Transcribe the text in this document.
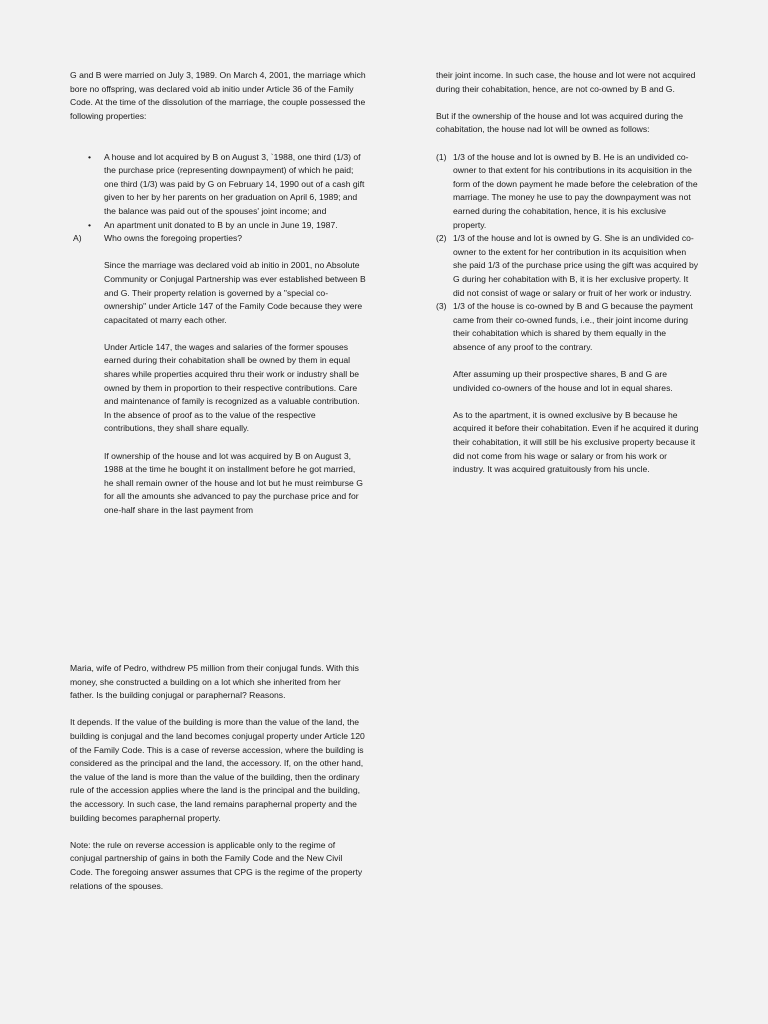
G and B were married on July 3, 1989. On March 4, 2001, the marriage which bore no offspring, was declared void ab initio under Article 36 of the Family Code. At the time of the dissolution of the marriage, the couple possessed the following properties:

• A house and lot acquired by B on August 3, `1988, one third (1/3) of the purchase price (representing downpayment) of which he paid; one third (1/3) was paid by G on February 14, 1990 out of a cash gift given to her by her parents on her graduation on April 6, 1989; and the balance was paid out of the spouses' joint income; and

• An apartment unit donated to B by an uncle in June 19, 1987.

A)	Who owns the foregoing properties?

Since the marriage was declared void ab initio in 2001, no Absolute Community or Conjugal Partnership was ever established between B and G. Their property relation is governed by a "special co-ownership" under Article 147 of the Family Code because they were capacitated ot marry each other.

Under Article 147, the wages and salaries of the former spouses earned during their cohabitation shall be owned by them in equal shares while properties acquired thru their work or industry shall be owned by them in proportion to their respective contributions. Care and maintenance of family is recognized as a valuable contribution. In the absence of proof as to the value of the respective contributions, they shall share equally.

If ownership of the house and lot was acquired by B on August 3, 1988 at the time he bought it on installment before he got married, he shall remain owner of the house and lot but he must reimburse G for all the amounts she advanced to pay the purchase price and for one-half share in the last payment from

their joint income. In such case, the house and lot were not acquired during their cohabitation, hence, are not co-owned by B and G.

But if the ownership of the house and lot was acquired during the cohabitation, the house nad lot will be owned as follows:

(1) 1/3 of the house and lot is owned by B. He is an undivided co-owner to that extent for his contributions in its acquisition in the form of the down payment he made before the celebration of the marriage. The money he use to pay the downpayment was not earned during the cohabitation, hence, it is his exclusive property.

(2) 1/3 of the house and lot is owned by G. She is an undivided co-owner to the extent for her contribution in its acquisition when she paid 1/3 of the purchase price using the gift was acquired by G during her cohabitation with B, it is her exclusive property. It did not consist of wage or salary or fruit of her work or industry.

(3) 1/3 of the house is co-owned by B and G because the payment came from their co-owned funds, i.e., their joint income during their cohabitation which is shared by them equally in the absence of any proof to the contrary.

After assuming up their prospective shares, B and G are undivided co-owners of the house and lot in equal shares.

As to the apartment, it is owned exclusive by B because he acquired it before their cohabitation. Even if he acquired it during their cohabitation, it will still be his exclusive property because it did not come from his wage or salary or from his work or industry. It was acquired gratuitously from his uncle.

Maria, wife of Pedro, withdrew P5 million from their conjugal funds. With this money, she constructed a building on a lot which she inherited from her father. Is the building conjugal or paraphernal? Reasons.

It depends. If the value of the building is more than the value of the land, the building is conjugal and the land becomes conjugal property under Article 120 of the Family Code. This is a case of reverse accession, where the building is considered as the principal and the land, the accessory. If, on the other hand, the value of the land is more than the value of the building, then the ordinary rule of the accession applies where the land is the principal and the building, the accessory. In such case, the land remains paraphernal property and the building becomes paraphernal property.

Note: the rule on reverse accession is applicable only to the regime of conjugal partnership of gains in both the Family Code and the New Civil Code. The foregoing answer assumes that CPG is the regime of the property relations of the spouses.
